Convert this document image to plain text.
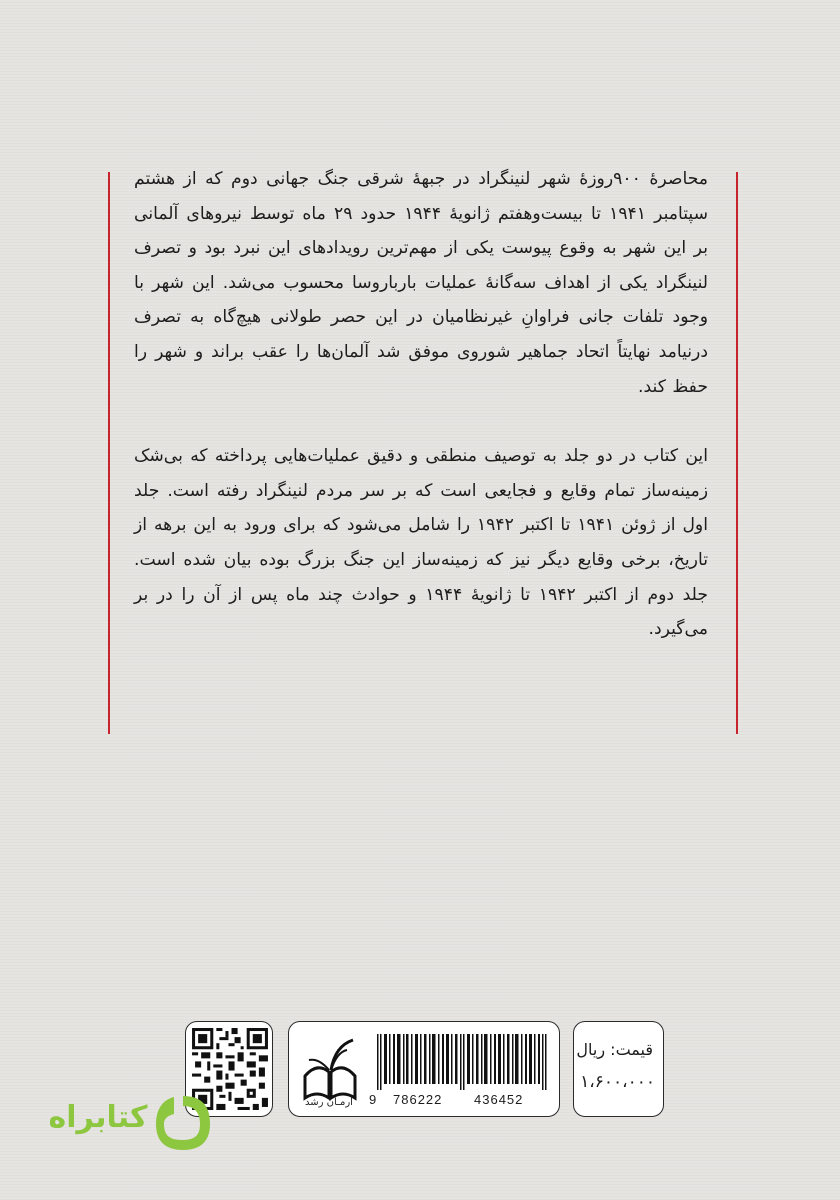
محاصرهٔ ۹۰۰روزهٔ شهر لنینگراد در جبههٔ شرقی جنگ جهانی دوم که از هشتم سپتامبر ۱۹۴۱ تا بیست‌وهفتم ژانویهٔ ۱۹۴۴ حدود ۲۹ ماه توسط نیروهای آلمانی بر این شهر به وقوع پیوست یکی از مهم‌ترین رویدادهای این نبرد بود و تصرف لنینگراد یکی از اهداف سه‌گانهٔ عملیات بارباروسا محسوب می‌شد. این شهر با وجود تلفات جانی فراوانِ غیرنظامیان در این حصر طولانی هیچ‌گاه به تصرف درنیامد نهایتاً اتحاد جماهیر شوروی موفق شد آلمان‌ها را عقب براند و شهر را حفظ کند.

این کتاب در دو جلد به توصیف منطقی و دقیق عملیات‌هایی پرداخته که بی‌شک زمینه‌ساز تمام وقایع و فجایعی است که بر سر مردم لنینگراد رفته است. جلد اول از ژوئن ۱۹۴۱ تا اکتبر ۱۹۴۲ را شامل می‌شود که برای ورود به این برهه از تاریخ، برخی وقایع دیگر نیز که زمینه‌ساز این جنگ بزرگ بوده بیان شده است. جلد دوم از اکتبر ۱۹۴۲ تا ژانویهٔ ۱۹۴۴ و حوادث چند ماه پس از آن را در بر می‌گیرد.

آرمـان رشد	9 786222 436452
قیمت: ریال
۱،۶۰۰،۰۰۰
کتابراه
